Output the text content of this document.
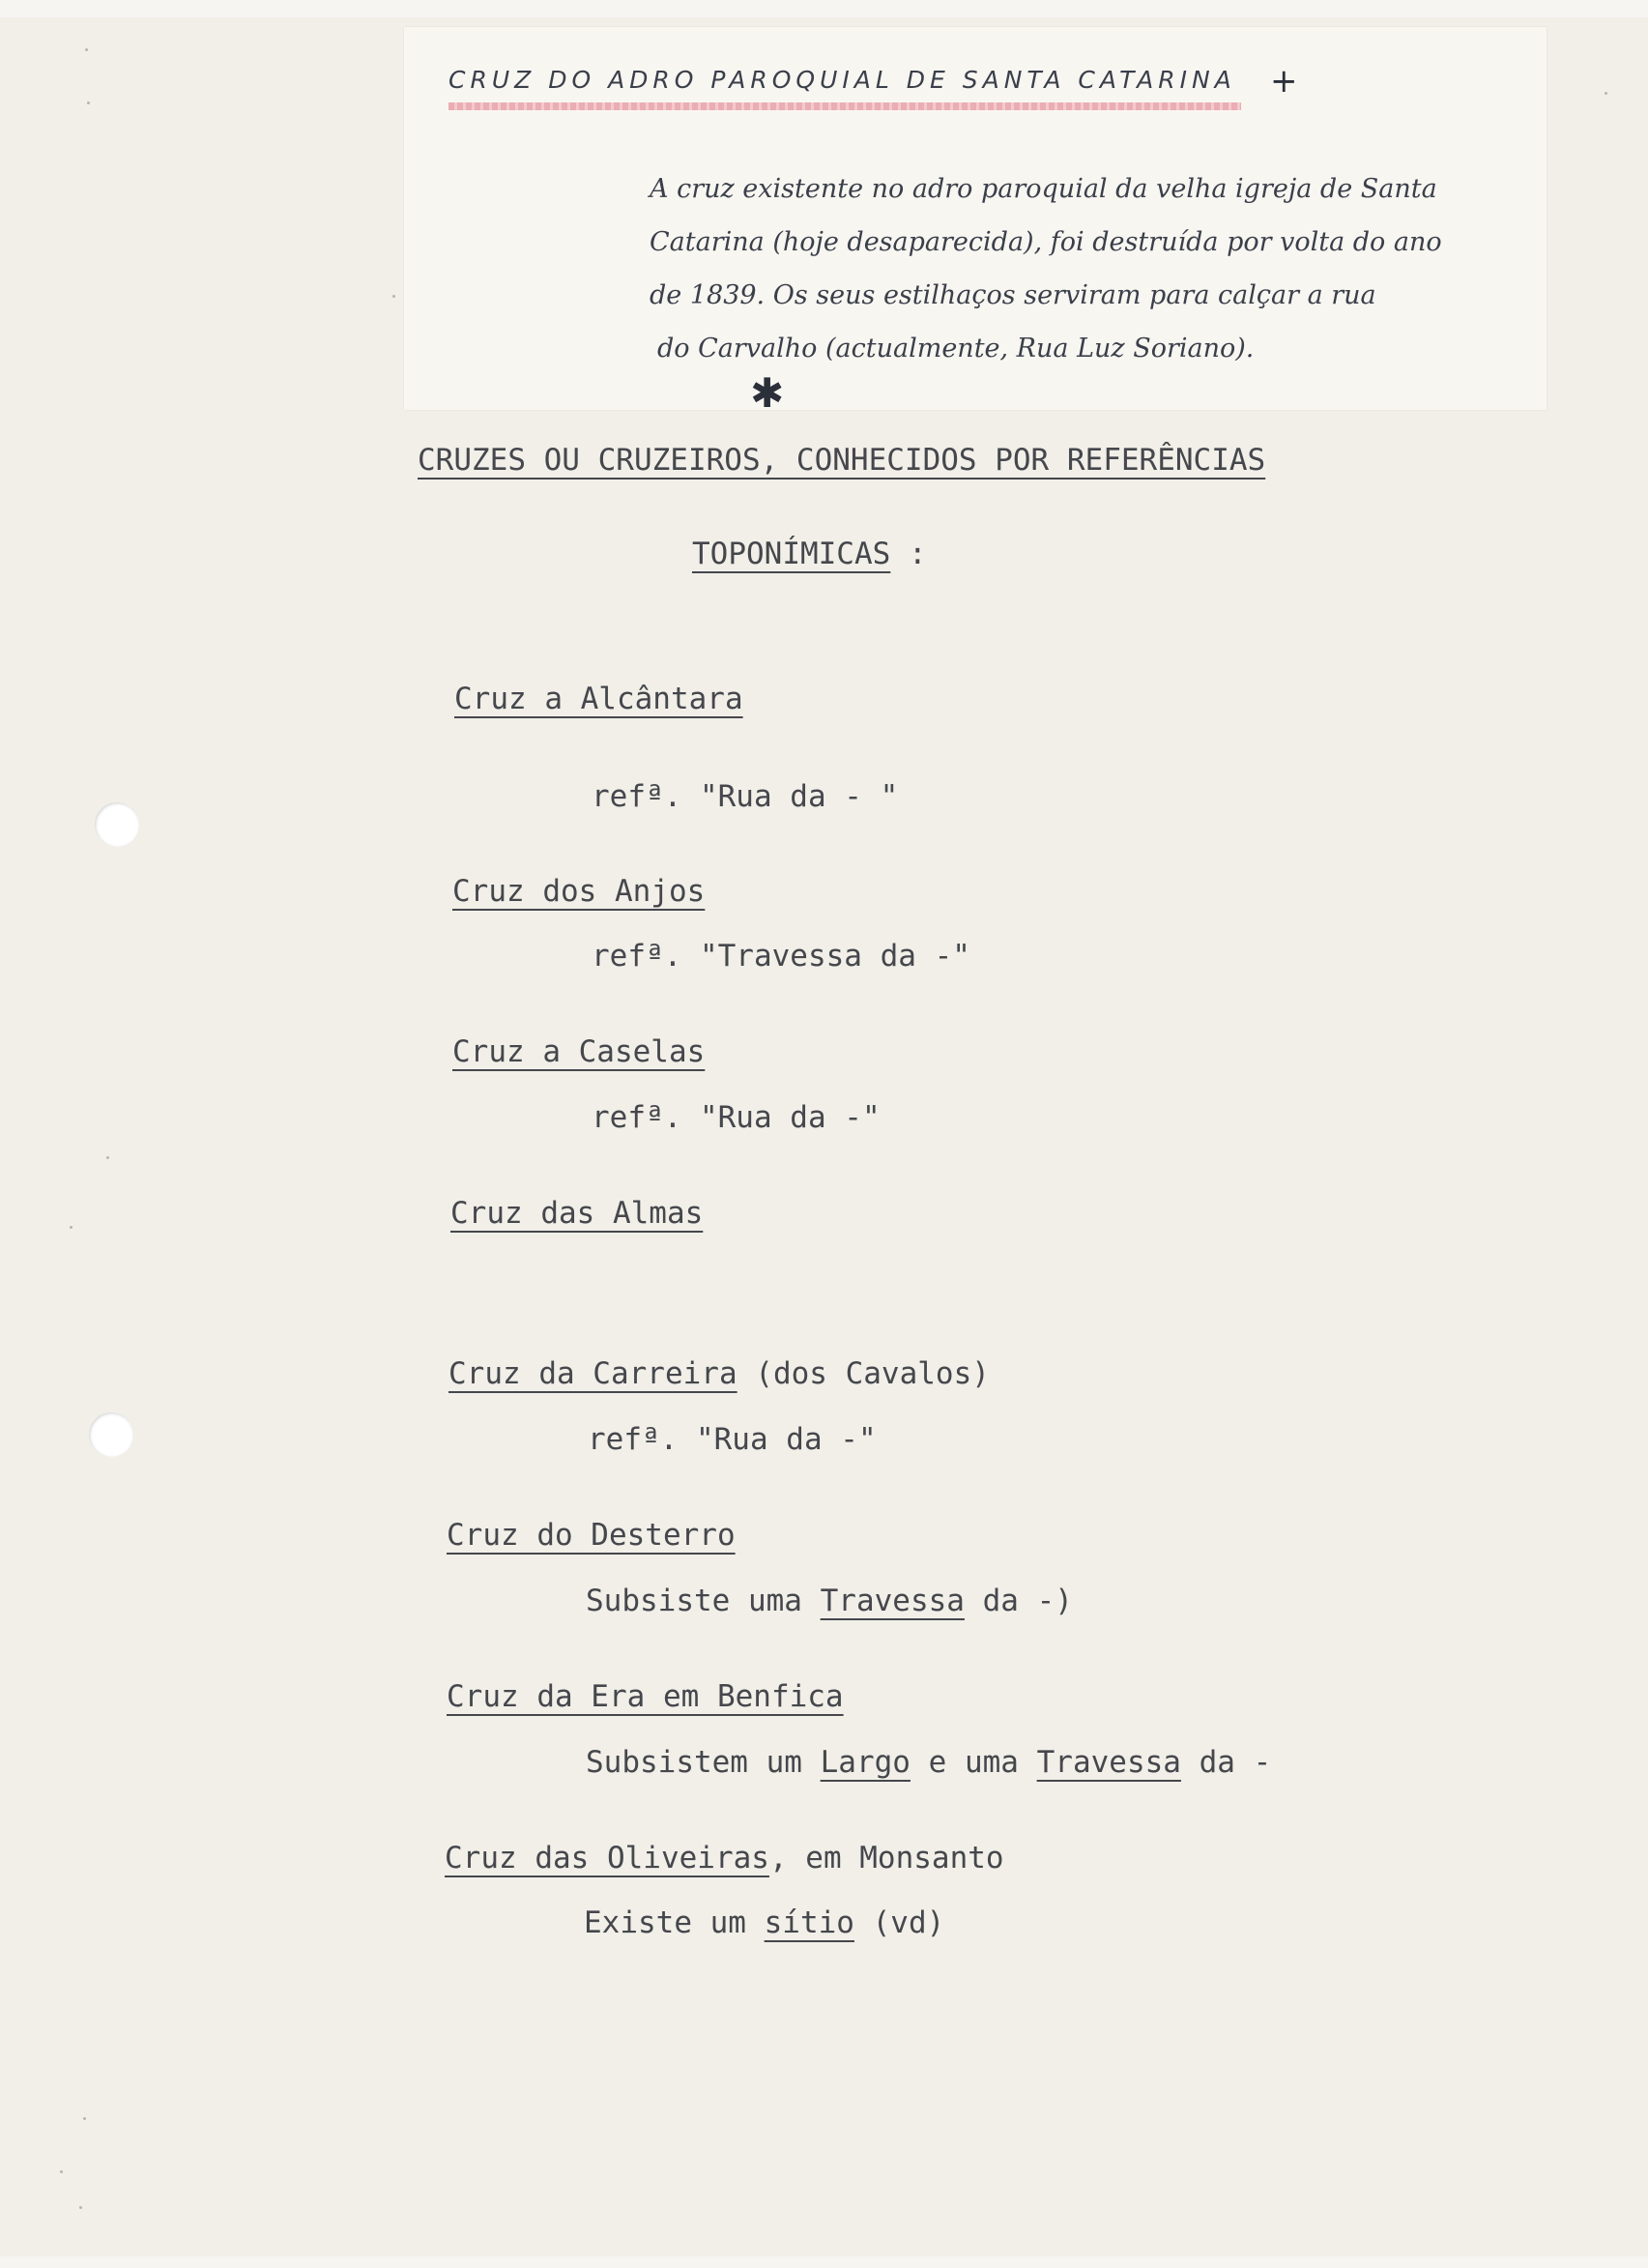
CRUZ DO ADRO PAROQUIAL DE SANTA CATARINA +
A cruz existente no adro paroquial da velha igreja de Santa
Catarina (hoje desaparecida), foi destruída por volta do ano
de 1839. Os seus estilhaços serviram para calçar a rua
do Carvalho (actualmente, Rua Luz Soriano).
✱

CRUZES OU CRUZEIROS, CONHECIDOS POR REFERÊNCIAS

TOPONÍMICAS :

Cruz a Alcântara

refª. "Rua da - "

Cruz dos Anjos

refª. "Travessa da -"

Cruz a Caselas

refª. "Rua da -"

Cruz das Almas

Cruz da Carreira (dos Cavalos)

refª. "Rua da -"

Cruz do Desterro

Subsiste uma Travessa da -)

Cruz da Era em Benfica

Subsistem um Largo e uma Travessa da -

Cruz das Oliveiras, em Monsanto

Existe um sítio (vd)
